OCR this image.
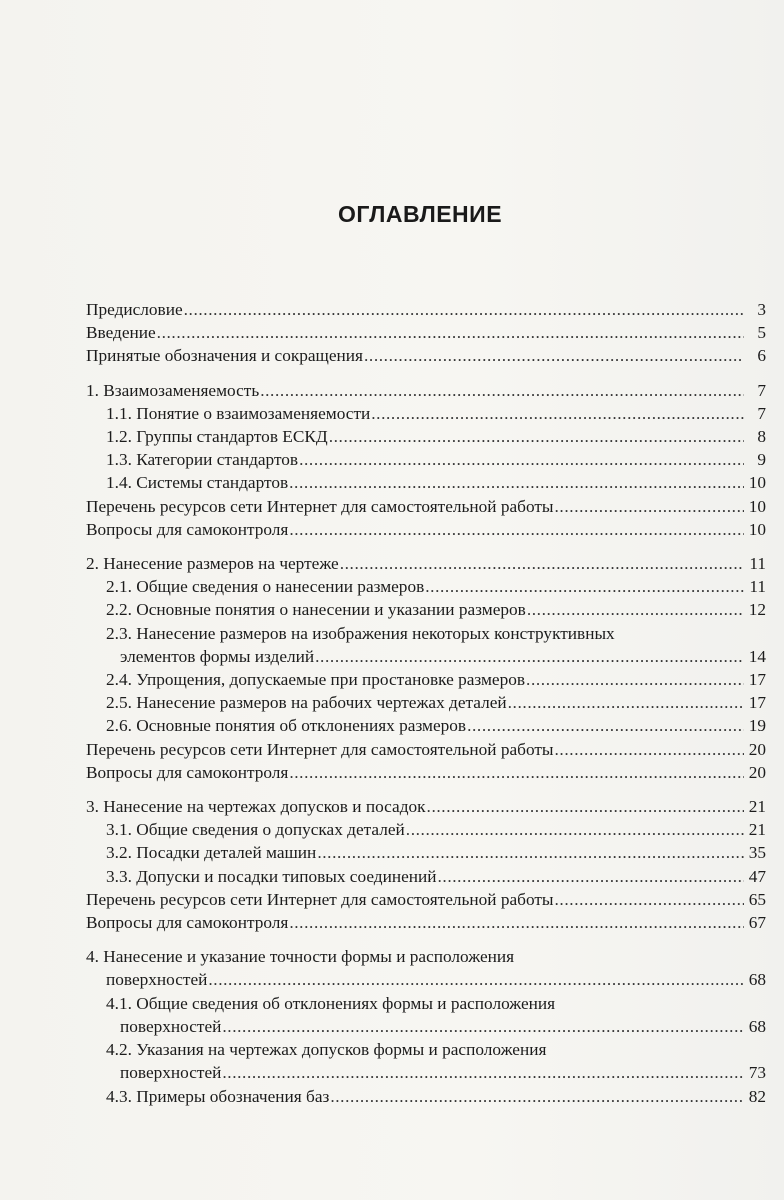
ОГЛАВЛЕНИЕ
Предисловие .....	3
Введение .....	5
Принятые обозначения и сокращения .....	6
1. Взаимозаменяемость .....	7
1.1. Понятие о взаимозаменяемости .....	7
1.2. Группы стандартов ЕСКД .....	8
1.3. Категории стандартов .....	9
1.4. Системы стандартов .....	10
Перечень ресурсов сети Интернет для самостоятельной работы .....	10
Вопросы для самоконтроля .....	10
2. Нанесение размеров на чертеже .....	11
2.1. Общие сведения о нанесении размеров .....	11
2.2. Основные понятия о нанесении и указании размеров .....	12
2.3. Нанесение размеров на изображения некоторых конструктивных
элементов формы изделий .....	14
2.4. Упрощения, допускаемые при простановке размеров .....	17
2.5. Нанесение размеров на рабочих чертежах деталей .....	17
2.6. Основные понятия об отклонениях размеров .....	19
Перечень ресурсов сети Интернет для самостоятельной работы .....	20
Вопросы для самоконтроля .....	20
3. Нанесение на чертежах допусков и посадок .....	21
3.1. Общие сведения о допусках деталей .....	21
3.2. Посадки деталей машин .....	35
3.3. Допуски и посадки типовых соединений .....	47
Перечень ресурсов сети Интернет для самостоятельной работы .....	65
Вопросы для самоконтроля .....	67
4. Нанесение и указание точности формы и расположения
поверхностей .....	68
4.1. Общие сведения об отклонениях формы и расположения
поверхностей .....	68
4.2. Указания на чертежах допусков формы и расположения
поверхностей .....	73
4.3. Примеры обозначения баз .....	82
